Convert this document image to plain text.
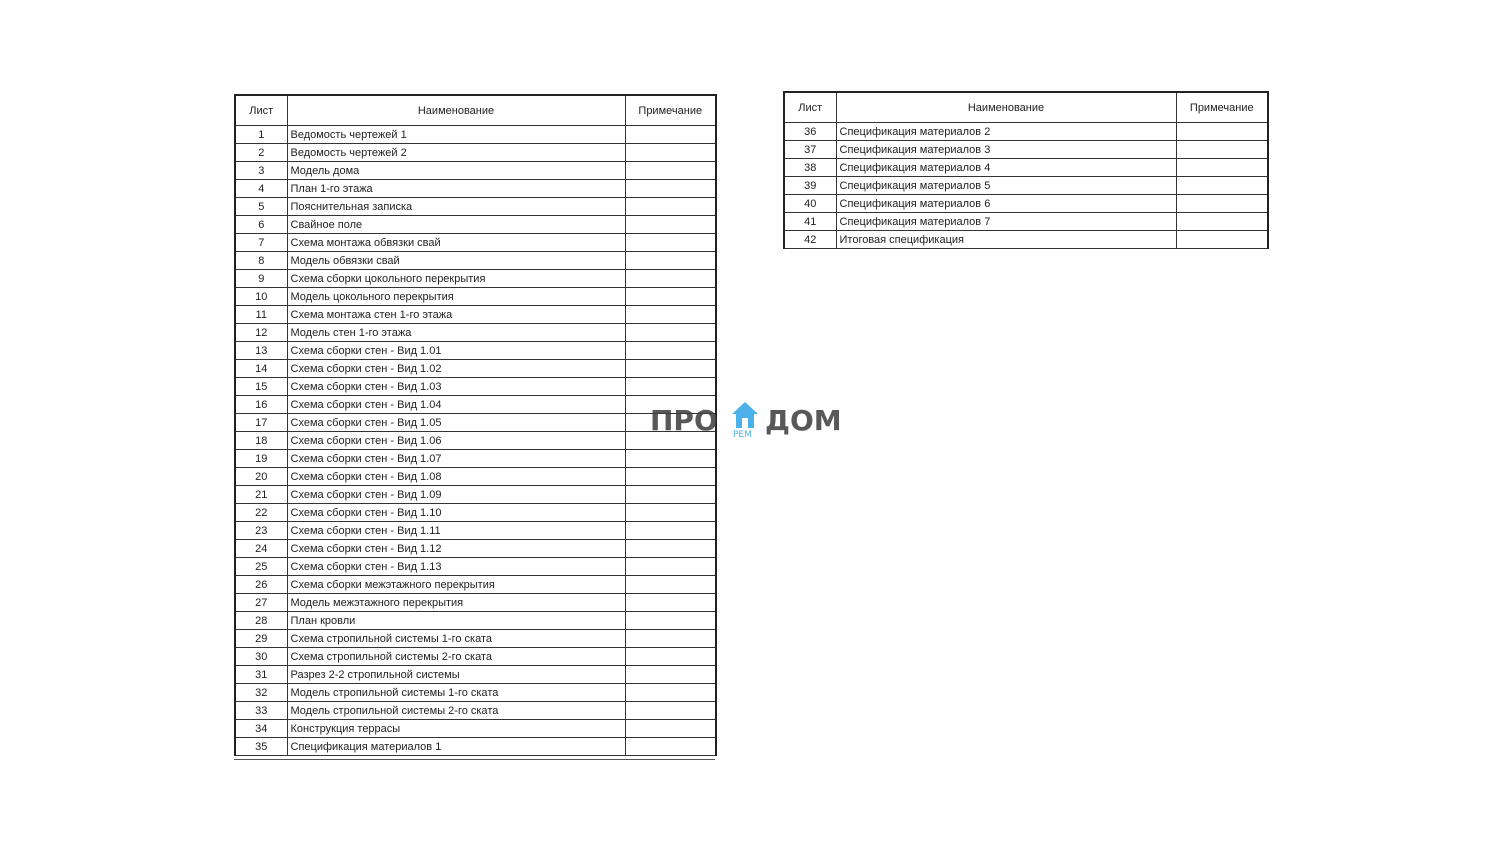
Лист	Наименование	Примечание
1	Ведомость чертежей 1	
2	Ведомость чертежей 2	
3	Модель дома	
4	План 1-го этажа	
5	Пояснительная записка	
6	Свайное поле	
7	Схема монтажа обвязки свай	
8	Модель обвязки свай	
9	Схема сборки цокольного перекрытия	
10	Модель цокольного перекрытия	
11	Схема монтажа стен 1-го этажа	
12	Модель стен 1-го этажа	
13	Схема сборки стен - Вид 1.01	
14	Схема сборки стен - Вид 1.02	
15	Схема сборки стен - Вид 1.03	
16	Схема сборки стен - Вид 1.04	
17	Схема сборки стен - Вид 1.05	
18	Схема сборки стен - Вид 1.06	
19	Схема сборки стен - Вид 1.07	
20	Схема сборки стен - Вид 1.08	
21	Схема сборки стен - Вид 1.09	
22	Схема сборки стен - Вид 1.10	
23	Схема сборки стен - Вид 1.11	
24	Схема сборки стен - Вид 1.12	
25	Схема сборки стен - Вид 1.13	
26	Схема сборки межэтажного перекрытия	
27	Модель межэтажного перекрытия	
28	План кровли	
29	Схема стропильной системы 1-го ската	
30	Схема стропильной системы 2-го ската	
31	Разрез 2-2 стропильной системы	
32	Модель стропильной системы 1-го ската	
33	Модель стропильной системы 2-го ската	
34	Конструкция террасы	
35	Спецификация материалов 1	
Лист	Наименование	Примечание
36	Спецификация материалов 2	
37	Спецификация материалов 3	
38	Спецификация материалов 4	
39	Спецификация материалов 5	
40	Спецификация материалов 6	
41	Спецификация материалов 7	
42	Итоговая спецификация	
ПРО РЕМ ДОМ
